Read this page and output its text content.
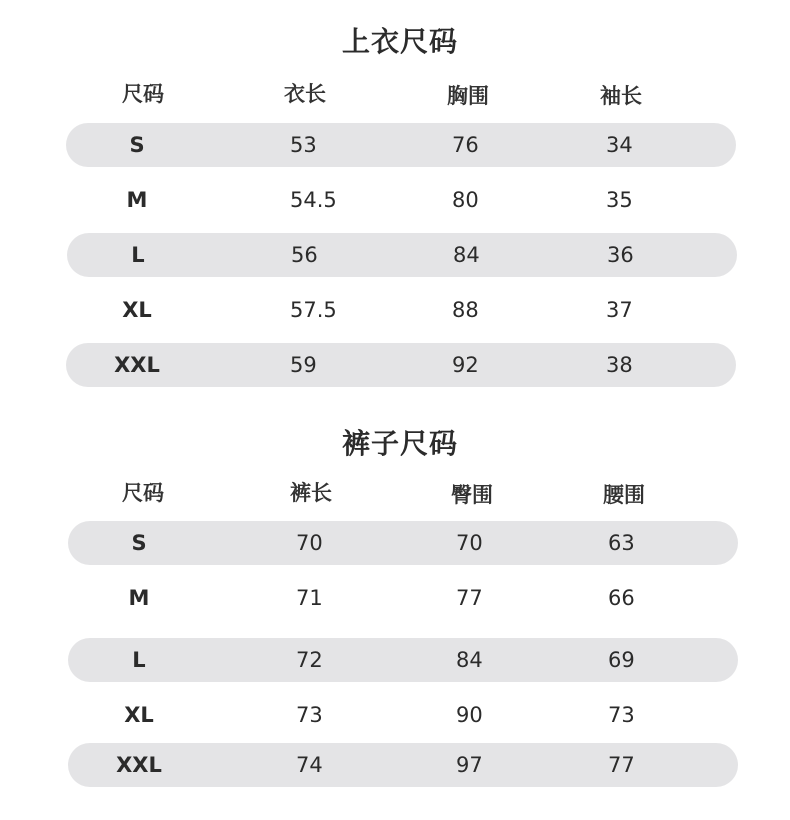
上衣尺码
尺码	衣长	胸围	袖长
S	53	76	34
M	54.5	80	35
L	56	84	36
XL	57.5	88	37
XXL	59	92	38
裤子尺码
尺码	裤长	臀围	腰围
S	70	70	63
M	71	77	66
L	72	84	69
XL	73	90	73
XXL	74	97	77
